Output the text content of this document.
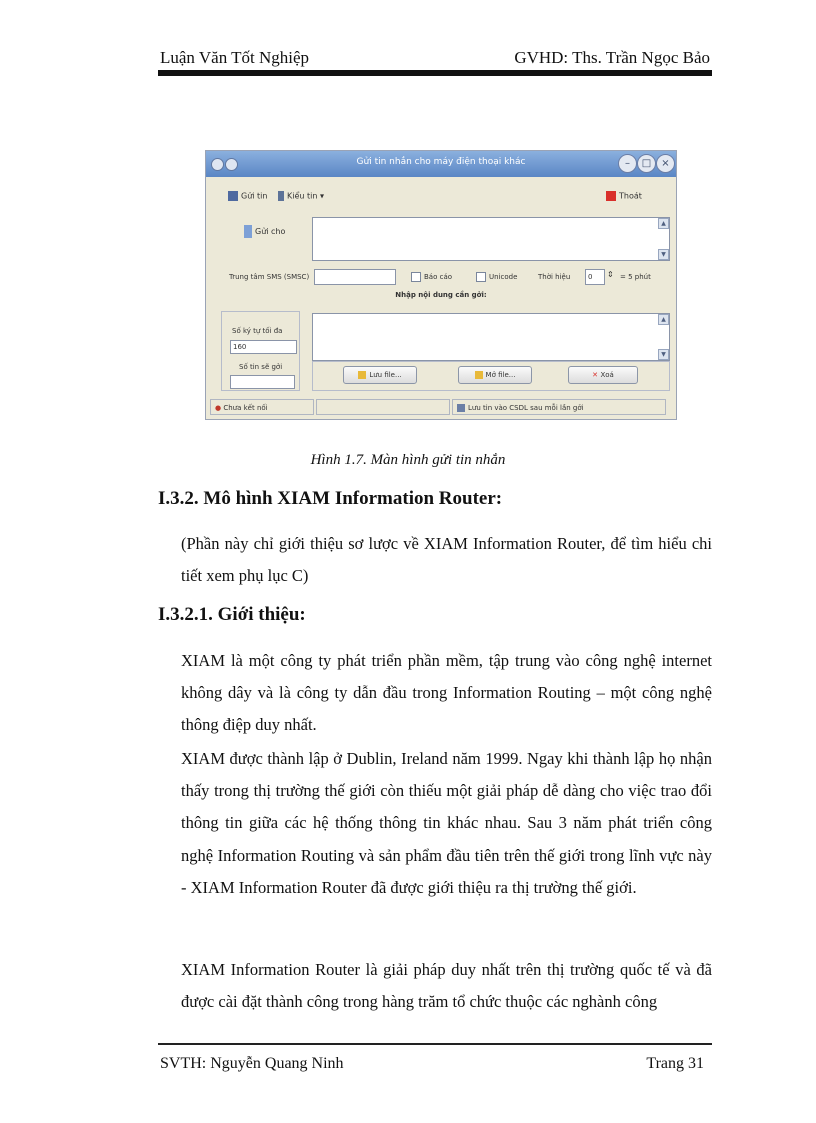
Luận Văn Tốt Nghiệp	GVHD: Ths. Trần Ngọc Bảo
Gửi tin nhắn cho máy điện thoại khác	–	□	×
Gửi tin	Kiểu tin ▾	Thoát
Gửi cho
▲
▼
Trung tâm SMS (SMSC)	Báo cáo	Unicode	Thời hiệu	0	⇕ = 5 phút
Nhập nội dung cần gởi:
Số ký tự tối đa
160
Số tin sẽ gởi
▲
▼
Lưu file...	Mở file...	✕ Xoá
● Chưa kết nối	Lưu tin vào CSDL sau mỗi lần gởi
Hình 1.7. Màn hình gửi tin nhắn
I.3.2. Mô hình XIAM Information Router:

(Phần này chỉ giới thiệu sơ lược về XIAM Information Router, để tìm hiểu chi tiết xem phụ lục C)

I.3.2.1. Giới thiệu:

XIAM là một công ty phát triển phần mềm, tập trung vào công nghệ internet không dây và là công ty dẫn đầu trong Information Routing – một công nghệ thông điệp duy nhất.

XIAM được thành lập ở Dublin, Ireland năm 1999. Ngay khi thành lập họ nhận thấy trong thị trường thế giới còn thiếu một giải pháp dễ dàng cho việc trao đổi thông tin giữa các hệ thống thông tin khác nhau. Sau 3 năm phát triển công nghệ Information Routing và sản phẩm đầu tiên trên thế giới trong lĩnh vực này - XIAM Information Router đã được giới thiệu ra thị trường thế giới.

XIAM Information Router là giải pháp duy nhất trên thị trường quốc tế và đã được cài đặt thành công trong hàng trăm tổ chức thuộc các nghành công

SVTH: Nguyễn Quang Ninh	Trang 31
